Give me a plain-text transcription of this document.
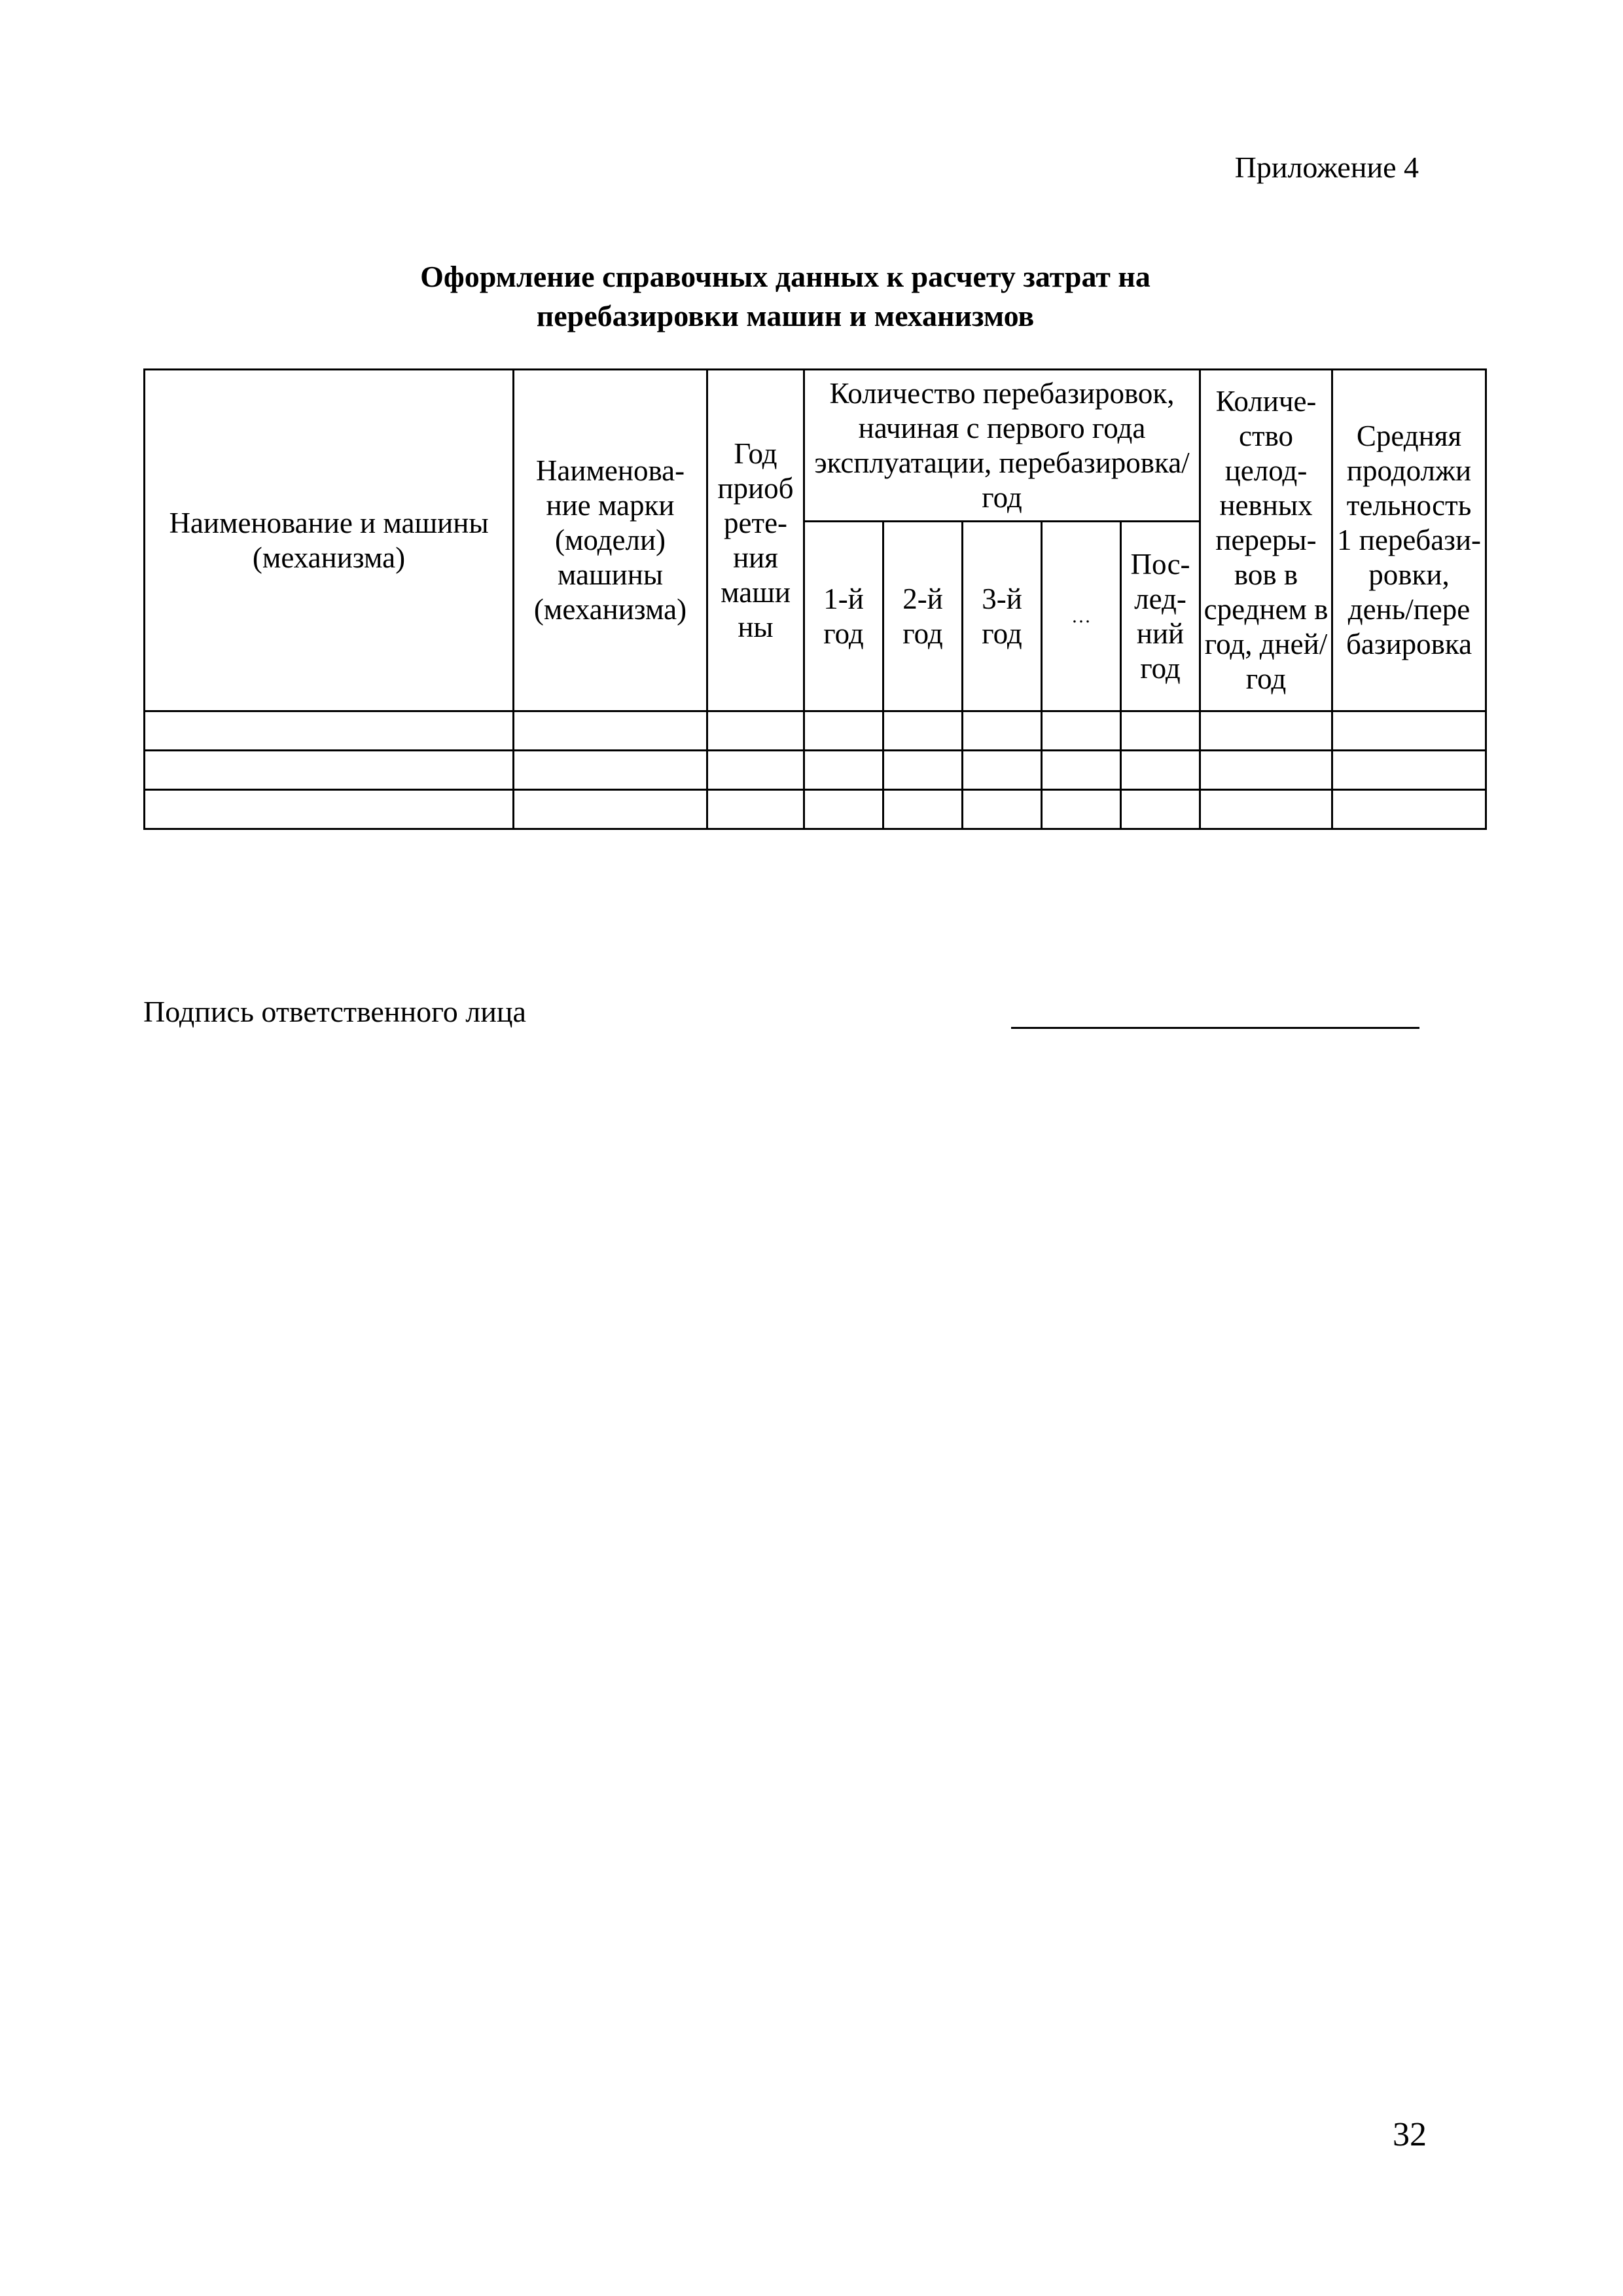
Приложение 4
Оформление справочных данных к расчету затрат на
перебазировки машин и механизмов
Наименование и машины (механизма)	Наименова-ние марки (модели) машины (механизма)	Год приоб рете-ния маши ны	Количество перебазировок, начиная с первого года эксплуатации, перебазировка/год					Количе-ство целод-невных переры-вов в среднем в год, дней/год	Средняя продолжи тельность 1 перебази-ровки, день/пере базировка
			1-й год	2-й год	3-й год	…	Пос-лед-ний год		

Подпись ответственного лица
32
